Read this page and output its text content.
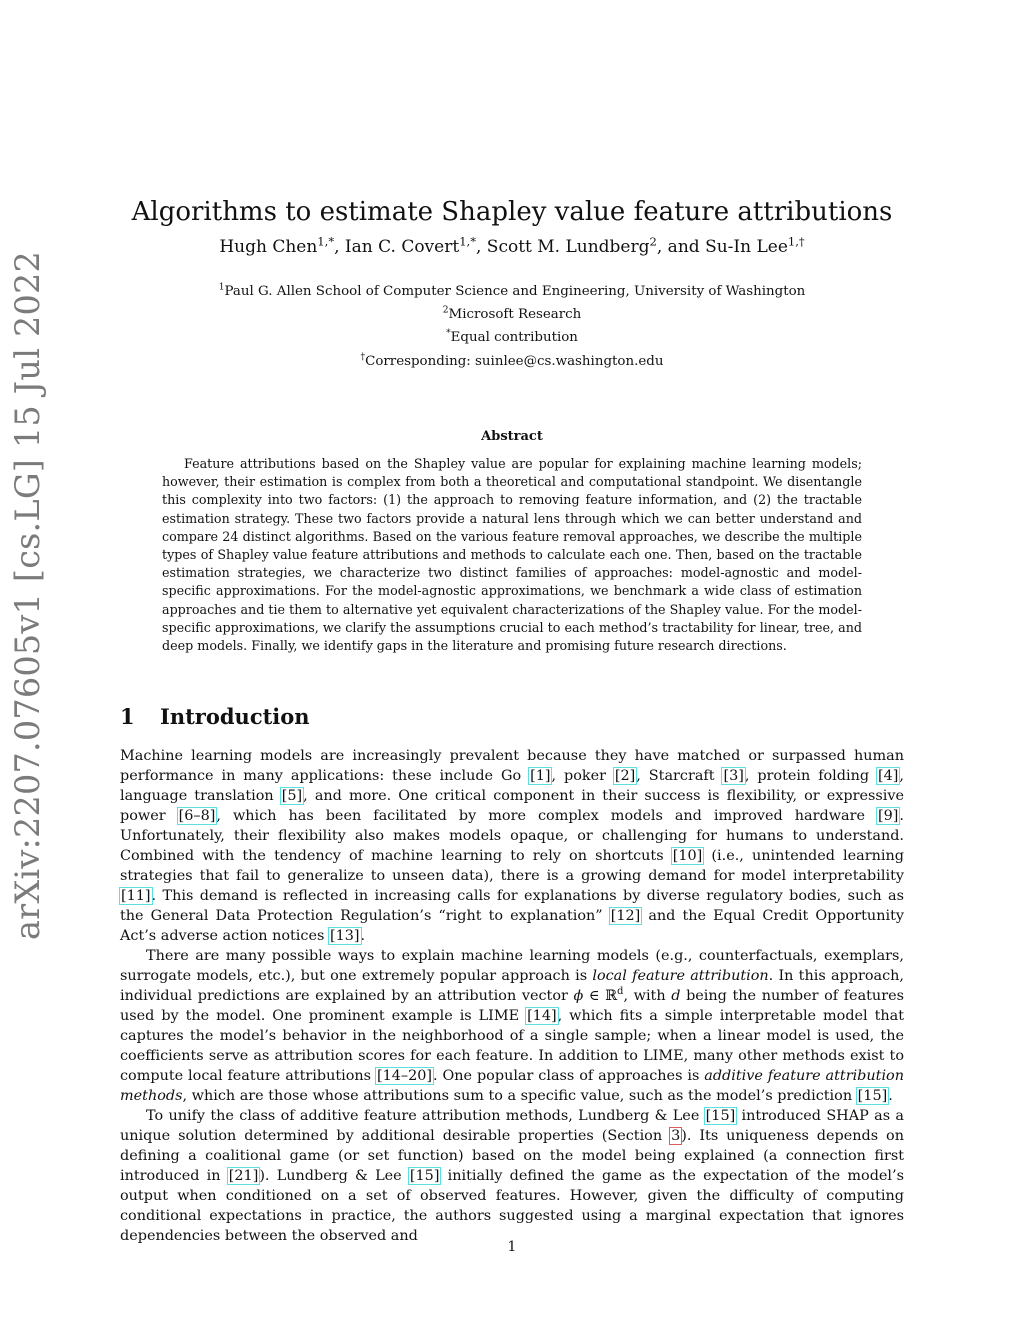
arXiv:2207.07605v1 [cs.LG] 15 Jul 2022
Algorithms to estimate Shapley value feature attributions
Hugh Chen$^{1,*}$, Ian C. Covert$^{1,*}$, Scott M. Lundberg$^2$, and Su-In Lee$^{1,\dagger}$
$^1$Paul G. Allen School of Computer Science and Engineering, University of Washington
$^2$Microsoft Research
*Equal contribution
†Corresponding: suinlee@cs.washington.edu
Abstract

Feature attributions based on the Shapley value are popular for explaining machine learning models; however, their estimation is complex from both a theoretical and computational standpoint. We disentangle this complexity into two factors: (1) the approach to removing feature information, and (2) the tractable estimation strategy. These two factors provide a natural lens through which we can better understand and compare 24 distinct algorithms. Based on the various feature removal approaches, we describe the multiple types of Shapley value feature attributions and methods to calculate each one. Then, based on the tractable estimation strategies, we characterize two distinct families of approaches: model-agnostic and model-specific approximations. For the model-agnostic approximations, we benchmark a wide class of estimation approaches and tie them to alternative yet equivalent characterizations of the Shapley value. For the model-specific approximations, we clarify the assumptions crucial to each method’s tractability for linear, tree, and deep models. Finally, we identify gaps in the literature and promising future research directions.

1 Introduction

Machine learning models are increasingly prevalent because they have matched or surpassed human performance in many applications: these include Go [1], poker [2], Starcraft [3], protein folding [4], language translation [5], and more. One critical component in their success is flexibility, or expressive power [6–8], which has been facilitated by more complex models and improved hardware [9]. Unfortunately, their flexibility also makes models opaque, or challenging for humans to understand. Combined with the tendency of machine learning to rely on shortcuts [10] (i.e., unintended learning strategies that fail to generalize to unseen data), there is a growing demand for model interpretability [11]. This demand is reflected in increasing calls for explanations by diverse regulatory bodies, such as the General Data Protection Regulation’s “right to explanation” [12] and the Equal Credit Opportunity Act’s adverse action notices [13].

There are many possible ways to explain machine learning models (e.g., counterfactuals, exemplars, surrogate models, etc.), but one extremely popular approach is local feature attribution. In this approach, individual predictions are explained by an attribution vector ϕ ∈ ℝ$^d$, with d being the number of features used by the model. One prominent example is LIME [14], which fits a simple interpretable model that captures the model’s behavior in the neighborhood of a single sample; when a linear model is used, the coefficients serve as attribution scores for each feature. In addition to LIME, many other methods exist to compute local feature attributions [14–20]. One popular class of approaches is additive feature attribution methods, which are those whose attributions sum to a specific value, such as the model’s prediction [15].

To unify the class of additive feature attribution methods, Lundberg & Lee [15] introduced SHAP as a unique solution determined by additional desirable properties (Section 3). Its uniqueness depends on defining a coalitional game (or set function) based on the model being explained (a connection first introduced in [21]). Lundberg & Lee [15] initially defined the game as the expectation of the model’s output when conditioned on a set of observed features. However, given the difficulty of computing conditional expectations in practice, the authors suggested using a marginal expectation that ignores dependencies between the observed and

1
